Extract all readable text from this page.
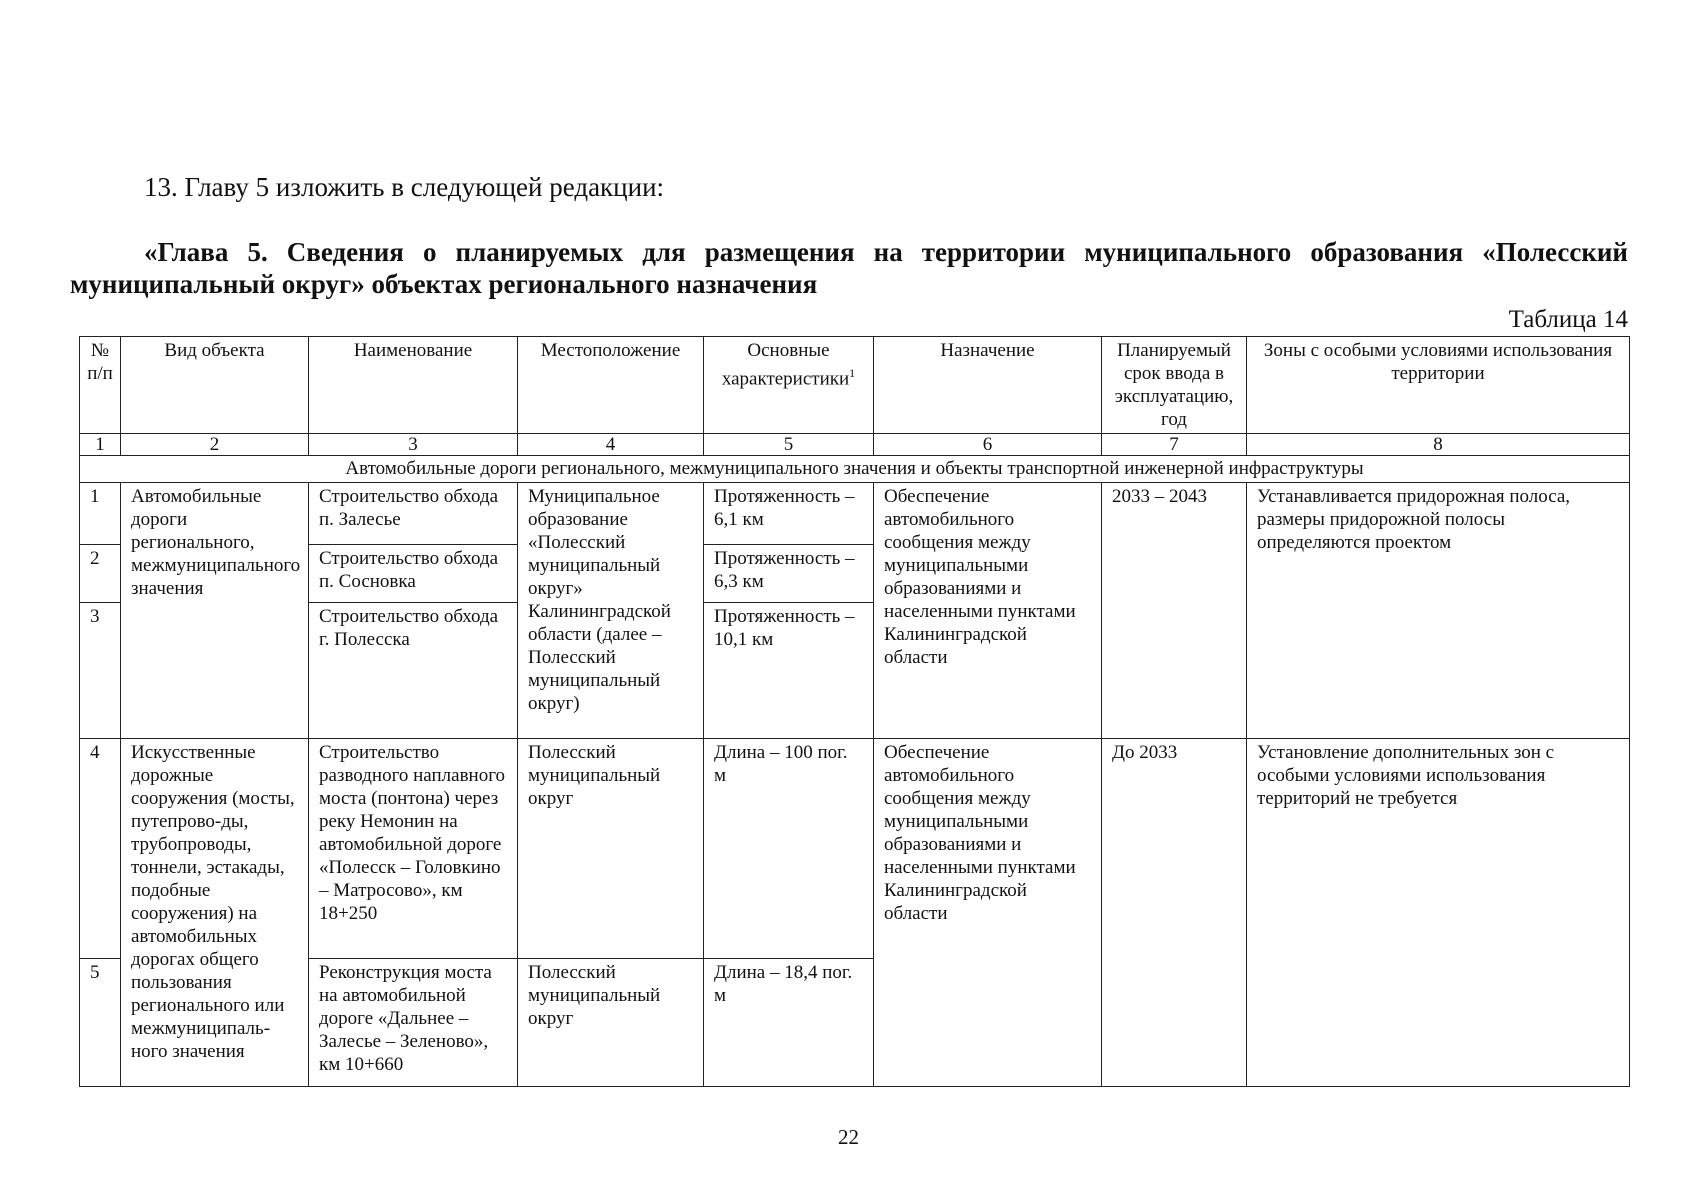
13. Главу 5 изложить в следующей редакции:

«Глава 5. Сведения о планируемых для размещения на территории муниципального образования «Полесский муниципальный округ» объектах регионального назначения

Таблица 14

№ п/п	Вид объекта	Наименование	Местоположение	Основные характеристики$^1$	Назначение	Планируемый срок ввода в эксплуатацию, год	Зоны с особыми условиями использования территории
1	2	3	4	5	6	7	8
Автомобильные дороги регионального, межмуниципального значения и объекты транспортной инженерной инфраструктуры							
1	Автомобильные дороги регионального, межмуниципального значения	Строительство обхода п. Залесье	Муниципальное образование «Полесский муниципальный округ» Калининградской области (далее – Полесский муниципальный округ)	Протяженность – 6,1 км	Обеспечение автомобильного сообщения между муниципальными образованиями и населенными пунктами Калининградской области	2033 – 2043	Устанавливается придорожная полоса, размеры придорожной полосы определяются проектом
2		Строительство обхода п. Сосновка		Протяженность – 6,3 км			
3		Строительство обхода г. Полесска		Протяженность – 10,1 км			
4	Искусственные дорожные сооружения (мосты, путепрово-ды, трубопроводы, тоннели, эстакады, подобные сооружения) на автомобильных дорогах общего пользования регионального или межмуниципаль-ного значения	Строительство разводного наплавного моста (понтона) через реку Немонин на автомобильной дороге «Полесск – Головкино – Матросово», км 18+250	Полесский муниципальный округ	Длина – 100 пог. м	Обеспечение автомобильного сообщения между муниципальными образованиями и населенными пунктами Калининградской области	До 2033	Установление дополнительных зон с особыми условиями использования территорий не требуется
5		Реконструкция моста на автомобильной дороге «Дальнее – Залесье – Зеленово», км 10+660	Полесский муниципальный округ	Длина – 18,4 пог. м			

22
